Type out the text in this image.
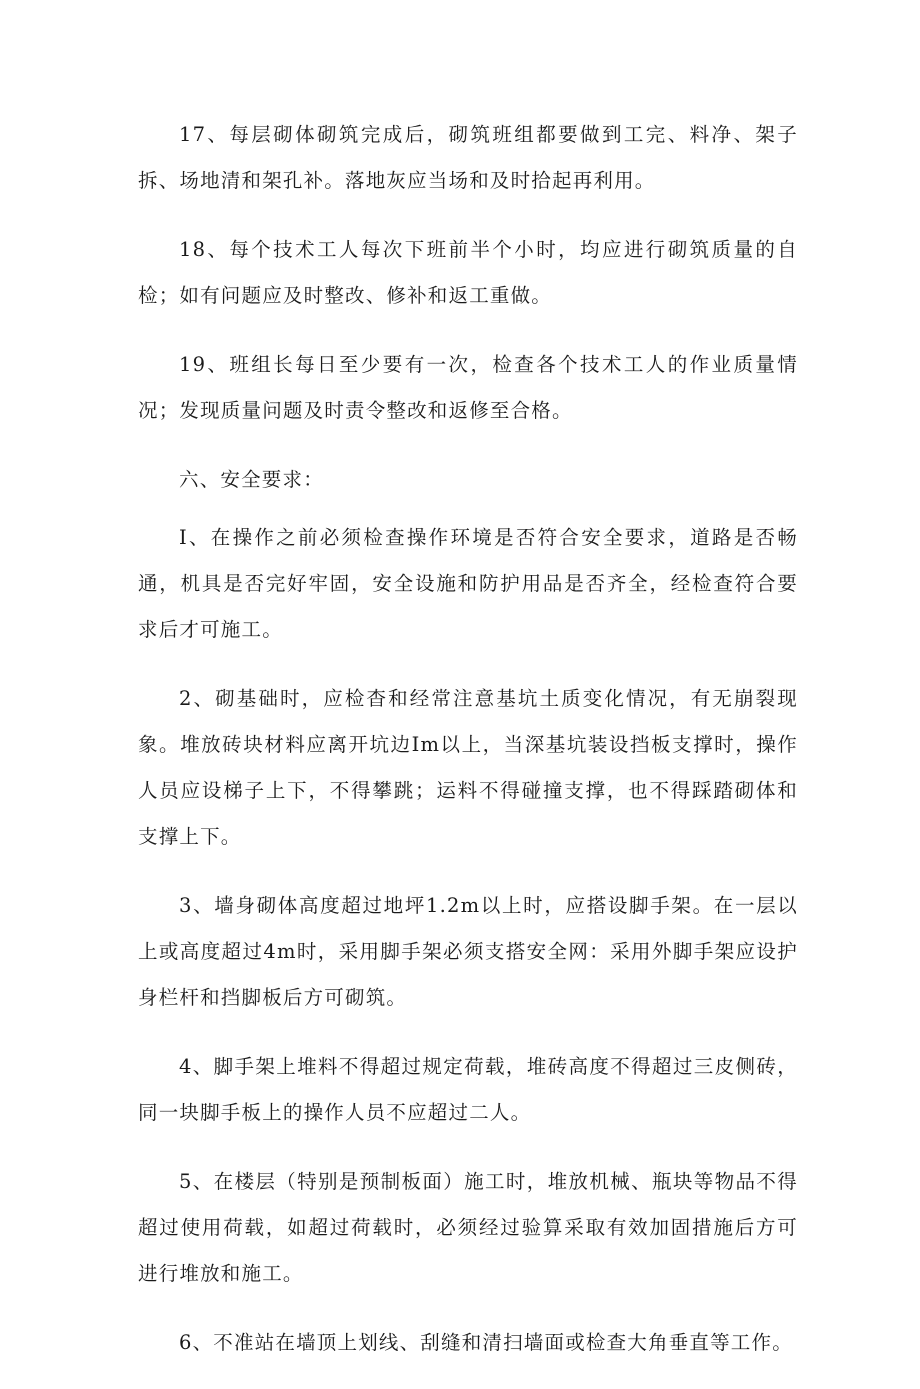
17、每层砌体砌筑完成后，砌筑班组都要做到工完、料净、架子拆、场地清和架孔补。落地灰应当场和及时拾起再利用。

18、每个技术工人每次下班前半个小时，均应进行砌筑质量的自检；如有问题应及时整改、修补和返工重做。

19、班组长每日至少要有一次，检查各个技术工人的作业质量情况；发现质量问题及时责令整改和返修至合格。

六、安全要求：

I、在操作之前必须检查操作环境是否符合安全要求，道路是否畅通，机具是否完好牢固，安全设施和防护用品是否齐全，经检查符合要求后才可施工。

2、砌基础时，应检杳和经常注意基坑土质变化情况，有无崩裂现象。堆放砖块材料应离开坑边Im以上，当深基坑装设挡板支撑时，操作人员应设梯子上下，不得攀跳；运料不得碰撞支撑，也不得踩踏砌体和支撑上下。

3、墙身砌体高度超过地坪1.2m以上时，应搭设脚手架。在一层以上或高度超过4m时，采用脚手架必须支搭安全网：采用外脚手架应设护身栏杆和挡脚板后方可砌筑。

4、脚手架上堆料不得超过规定荷载，堆砖高度不得超过三皮侧砖，同一块脚手板上的操作人员不应超过二人。

5、在楼层（特别是预制板面）施工时，堆放机械、瓶块等物品不得超过使用荷载，如超过荷载时，必须经过验算采取有效加固措施后方可进行堆放和施工。

6、不准站在墙顶上划线、刮缝和清扫墙面或检查大角垂直等工作。
